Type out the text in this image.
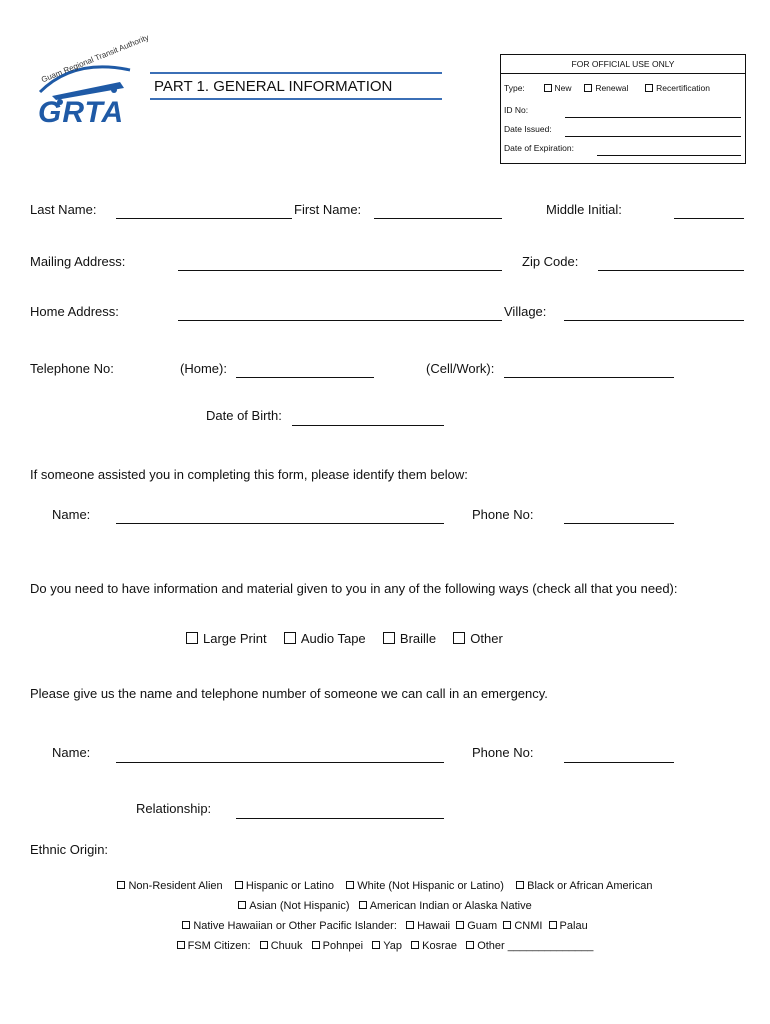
Guam Regional Transit Authority
GRTA
PART 1. GENERAL INFORMATION
FOR OFFICIAL USE ONLY
Type:	New	Renewal	Recertification
ID No:
Date Issued:
Date of Expiration:
Last Name:	First Name:	Middle Initial:
Mailing Address:	Zip Code:
Home Address:	Village:
Telephone No:	(Home):	(Cell/Work):
Date of Birth:
If someone assisted you in completing this form, please identify them below:
Name:	Phone No:
Do you need to have information and material given to you in any of the following ways (check all that you need):
Large Print	Audio Tape	Braille	Other
Please give us the name and telephone number of someone we can call in an emergency.
Name:	Phone No:
Relationship:
Ethnic Origin:
Non-Resident Alien Hispanic or Latino White (Not Hispanic or Latino) Black or African American
Asian (Not Hispanic) American Indian or Alaska Native
Native Hawaiian or Other Pacific Islander: Hawaii Guam CNMI Palau
FSM Citizen: Chuuk Pohnpei Yap Kosrae Other ______________
